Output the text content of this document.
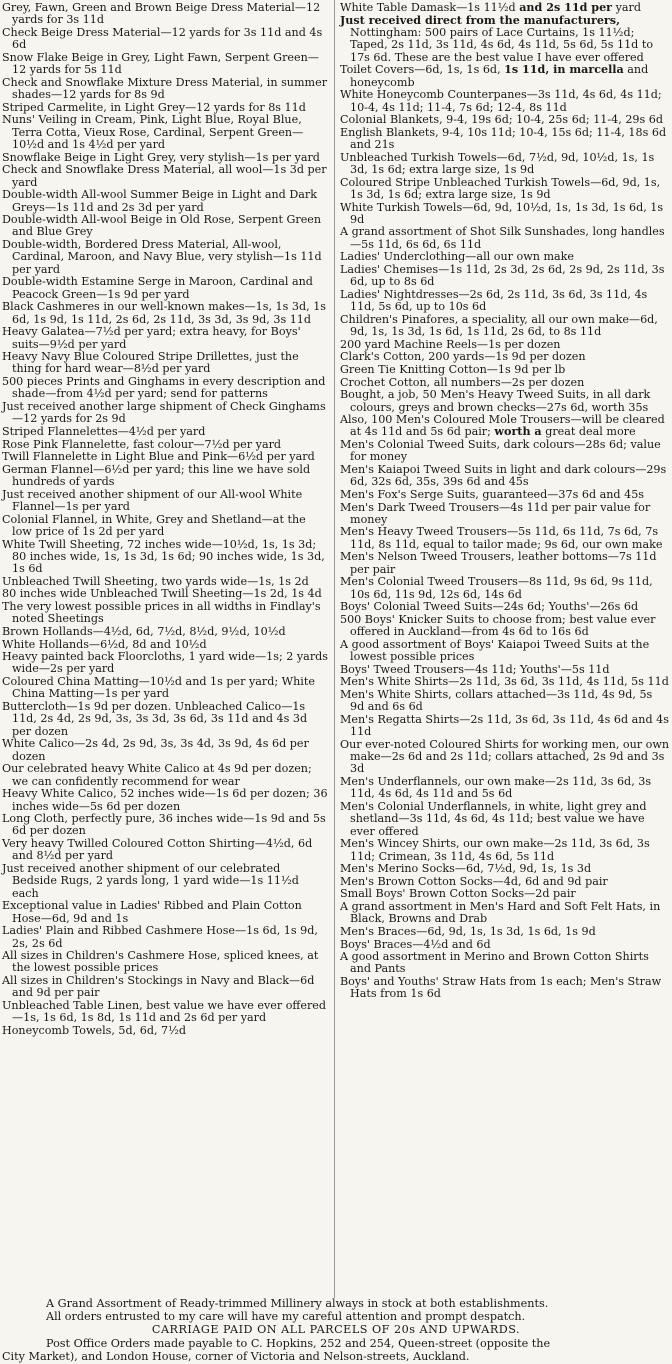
Grey, Fawn, Green and Brown Beige Dress Material—12 yards for 3s 11d

Check Beige Dress Material—12 yards for 3s 11d and 4s 6d

Snow Flake Beige in Grey, Light Fawn, Serpent Green—12 yards for 5s 11d

Check and Snowflake Mixture Dress Material, in summer shades—12 yards for 8s 9d

Striped Carmelite, in Light Grey—12 yards for 8s 11d

Nuns' Veiling in Cream, Pink, Light Blue, Royal Blue, Terra Cotta, Vieux Rose, Cardinal, Serpent Green—10½d and 1s 4½d per yard

Snowflake Beige in Light Grey, very stylish—1s per yard

Check and Snowflake Dress Material, all wool—1s 3d per yard

Double-width All-wool Summer Beige in Light and Dark Greys—1s 11d and 2s 3d per yard

Double-width All-wool Beige in Old Rose, Serpent Green and Blue Grey

Double-width, Bordered Dress Material, All-wool, Cardinal, Maroon, and Navy Blue, very stylish—1s 11d per yard

Double-width Estamine Serge in Maroon, Cardinal and Peacock Green—1s 9d per yard

Black Cashmeres in our well-known makes—1s, 1s 3d, 1s 6d, 1s 9d, 1s 11d, 2s 6d, 2s 11d, 3s 3d, 3s 9d, 3s 11d

Heavy Galatea—7½d per yard; extra heavy, for Boys' suits—9½d per yard

Heavy Navy Blue Coloured Stripe Drillettes, just the thing for hard wear—8½d per yard

500 pieces Prints and Ginghams in every description and shade—from 4½d per yard; send for patterns

Just received another large shipment of Check Ginghams—12 yards for 2s 9d

Striped Flannelettes—4½d per yard

Rose Pink Flannelette, fast colour—7½d per yard

Twill Flannelette in Light Blue and Pink—6½d per yard

German Flannel—6½d per yard; this line we have sold hundreds of yards

Just received another shipment of our All-wool White Flannel—1s per yard

Colonial Flannel, in White, Grey and Shetland—at the low price of 1s 2d per yard

White Twill Sheeting, 72 inches wide—10½d, 1s, 1s 3d; 80 inches wide, 1s, 1s 3d, 1s 6d; 90 inches wide, 1s 3d, 1s 6d

Unbleached Twill Sheeting, two yards wide—1s, 1s 2d

80 inches wide Unbleached Twill Sheeting—1s 2d, 1s 4d

The very lowest possible prices in all widths in Findlay's noted Sheetings

Brown Hollands—4½d, 6d, 7½d, 8½d, 9½d, 10½d

White Hollands—6½d, 8d and 10½d

Heavy painted back Floorcloths, 1 yard wide—1s; 2 yards wide—2s per yard

Coloured China Matting—10½d and 1s per yard; White China Matting—1s per yard

Buttercloth—1s 9d per dozen. Unbleached Calico—1s 11d, 2s 4d, 2s 9d, 3s, 3s 3d, 3s 6d, 3s 11d and 4s 3d per dozen

White Calico—2s 4d, 2s 9d, 3s, 3s 4d, 3s 9d, 4s 6d per dozen

Our celebrated heavy White Calico at 4s 9d per dozen; we can confidently recommend for wear

Heavy White Calico, 52 inches wide—1s 6d per dozen; 36 inches wide—5s 6d per dozen

Long Cloth, perfectly pure, 36 inches wide—1s 9d and 5s 6d per dozen

Very heavy Twilled Coloured Cotton Shirting—4½d, 6d and 8½d per yard

Just received another shipment of our celebrated Bedside Rugs, 2 yards long, 1 yard wide—1s 11½d each

Exceptional value in Ladies' Ribbed and Plain Cotton Hose—6d, 9d and 1s

Ladies' Plain and Ribbed Cashmere Hose—1s 6d, 1s 9d, 2s, 2s 6d

All sizes in Children's Cashmere Hose, spliced knees, at the lowest possible prices

All sizes in Children's Stockings in Navy and Black—6d and 9d per pair

Unbleached Table Linen, best value we have ever offered—1s, 1s 6d, 1s 8d, 1s 11d and 2s 6d per yard

Honeycomb Towels, 5d, 6d, 7½d

White Table Damask—1s 11½d and 2s 11d per yard

Just received direct from the manufacturers, Nottingham: 500 pairs of Lace Curtains, 1s 11½d; Taped, 2s 11d, 3s 11d, 4s 6d, 4s 11d, 5s 6d, 5s 11d to 17s 6d. These are the best value I have ever offered

Toilet Covers—6d, 1s, 1s 6d, 1s 11d, in marcella and honeycomb

White Honeycomb Counterpanes—3s 11d, 4s 6d, 4s 11d; 10-4, 4s 11d; 11-4, 7s 6d; 12-4, 8s 11d

Colonial Blankets, 9-4, 19s 6d; 10-4, 25s 6d; 11-4, 29s 6d

English Blankets, 9-4, 10s 11d; 10-4, 15s 6d; 11-4, 18s 6d and 21s

Unbleached Turkish Towels—6d, 7½d, 9d, 10½d, 1s, 1s 3d, 1s 6d; extra large size, 1s 9d

Coloured Stripe Unbleached Turkish Towels—6d, 9d, 1s, 1s 3d, 1s 6d; extra large size, 1s 9d

White Turkish Towels—6d, 9d, 10½d, 1s, 1s 3d, 1s 6d, 1s 9d

A grand assortment of Shot Silk Sunshades, long handles—5s 11d, 6s 6d, 6s 11d

Ladies' Underclothing—all our own make

Ladies' Chemises—1s 11d, 2s 3d, 2s 6d, 2s 9d, 2s 11d, 3s 6d, up to 8s 6d

Ladies' Nightdresses—2s 6d, 2s 11d, 3s 6d, 3s 11d, 4s 11d, 5s 6d, up to 10s 6d

Children's Pinafores, a speciality, all our own make—6d, 9d, 1s, 1s 3d, 1s 6d, 1s 11d, 2s 6d, to 8s 11d

200 yard Machine Reels—1s per dozen

Clark's Cotton, 200 yards—1s 9d per dozen

Green Tie Knitting Cotton—1s 9d per lb

Crochet Cotton, all numbers—2s per dozen

Bought, a job, 50 Men's Heavy Tweed Suits, in all dark colours, greys and brown checks—27s 6d, worth 35s

Also, 100 Men's Coloured Mole Trousers—will be cleared at 4s 11d and 5s 6d pair; worth a great deal more

Men's Colonial Tweed Suits, dark colours—28s 6d; value for money

Men's Kaiapoi Tweed Suits in light and dark colours—29s 6d, 32s 6d, 35s, 39s 6d and 45s

Men's Fox's Serge Suits, guaranteed—37s 6d and 45s

Men's Dark Tweed Trousers—4s 11d per pair value for money

Men's Heavy Tweed Trousers—5s 11d, 6s 11d, 7s 6d, 7s 11d, 8s 11d, equal to tailor made; 9s 6d, our own make

Men's Nelson Tweed Trousers, leather bottoms—7s 11d per pair

Men's Colonial Tweed Trousers—8s 11d, 9s 6d, 9s 11d, 10s 6d, 11s 9d, 12s 6d, 14s 6d

Boys' Colonial Tweed Suits—24s 6d; Youths'—26s 6d

500 Boys' Knicker Suits to choose from; best value ever offered in Auckland—from 4s 6d to 16s 6d

A good assortment of Boys' Kaiapoi Tweed Suits at the lowest possible prices

Boys' Tweed Trousers—4s 11d; Youths'—5s 11d

Men's White Shirts—2s 11d, 3s 6d, 3s 11d, 4s 11d, 5s 11d

Men's White Shirts, collars attached—3s 11d, 4s 9d, 5s 9d and 6s 6d

Men's Regatta Shirts—2s 11d, 3s 6d, 3s 11d, 4s 6d and 4s 11d

Our ever-noted Coloured Shirts for working men, our own make—2s 6d and 2s 11d; collars attached, 2s 9d and 3s 3d

Men's Underflannels, our own make—2s 11d, 3s 6d, 3s 11d, 4s 6d, 4s 11d and 5s 6d

Men's Colonial Underflannels, in white, light grey and shetland—3s 11d, 4s 6d, 4s 11d; best value we have ever offered

Men's Wincey Shirts, our own make—2s 11d, 3s 6d, 3s 11d; Crimean, 3s 11d, 4s 6d, 5s 11d

Men's Merino Socks—6d, 7½d, 9d, 1s, 1s 3d

Men's Brown Cotton Socks—4d, 6d and 9d pair

Small Boys' Brown Cotton Socks—2d pair

A grand assortment in Men's Hard and Soft Felt Hats, in Black, Browns and Drab

Men's Braces—6d, 9d, 1s, 1s 3d, 1s 6d, 1s 9d

Boys' Braces—4½d and 6d

A good assortment in Merino and Brown Cotton Shirts and Pants

Boys' and Youths' Straw Hats from 1s each; Men's Straw Hats from 1s 6d

A Grand Assortment of Ready-trimmed Millinery always in stock at both establishments.
All orders entrusted to my care will have my careful attention and prompt despatch.
CARRIAGE PAID ON ALL PARCELS OF 20s AND UPWARDS.
Post Office Orders made payable to C. Hopkins, 252 and 254, Queen-street (opposite the
City Market), and London House, corner of Victoria and Nelson-streets, Auckland.
